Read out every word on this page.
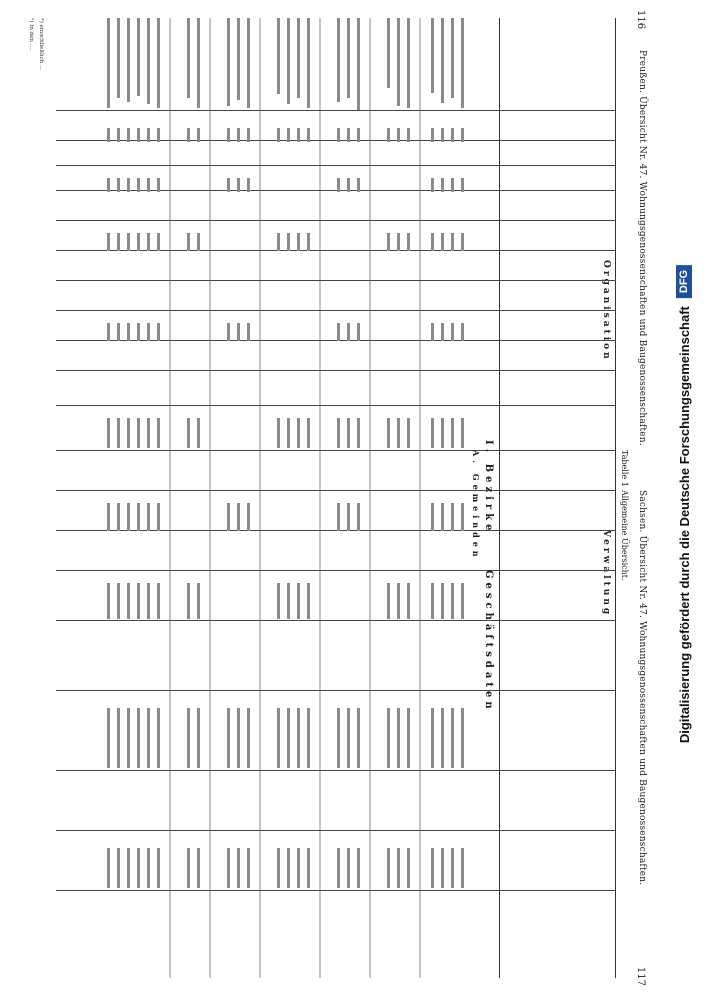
116
Preußen. Übersicht Nr. 47. Wohnungsgenossenschaften und Baugenossenschaften.
Sachsen. Übersicht Nr. 47. Wohnungsgenossenschaften und Baugenossenschaften.
117
Tabelle 1
Allgemeine Übersicht.
Organisation
Verwaltung
I. Bezirke
A. Gemeinden
Geschäftsdaten
*) einschließlich ...
²) In den ....
Digitalisierung gefördert durch die Deutsche Forschungsgemeinschaft
DFG
